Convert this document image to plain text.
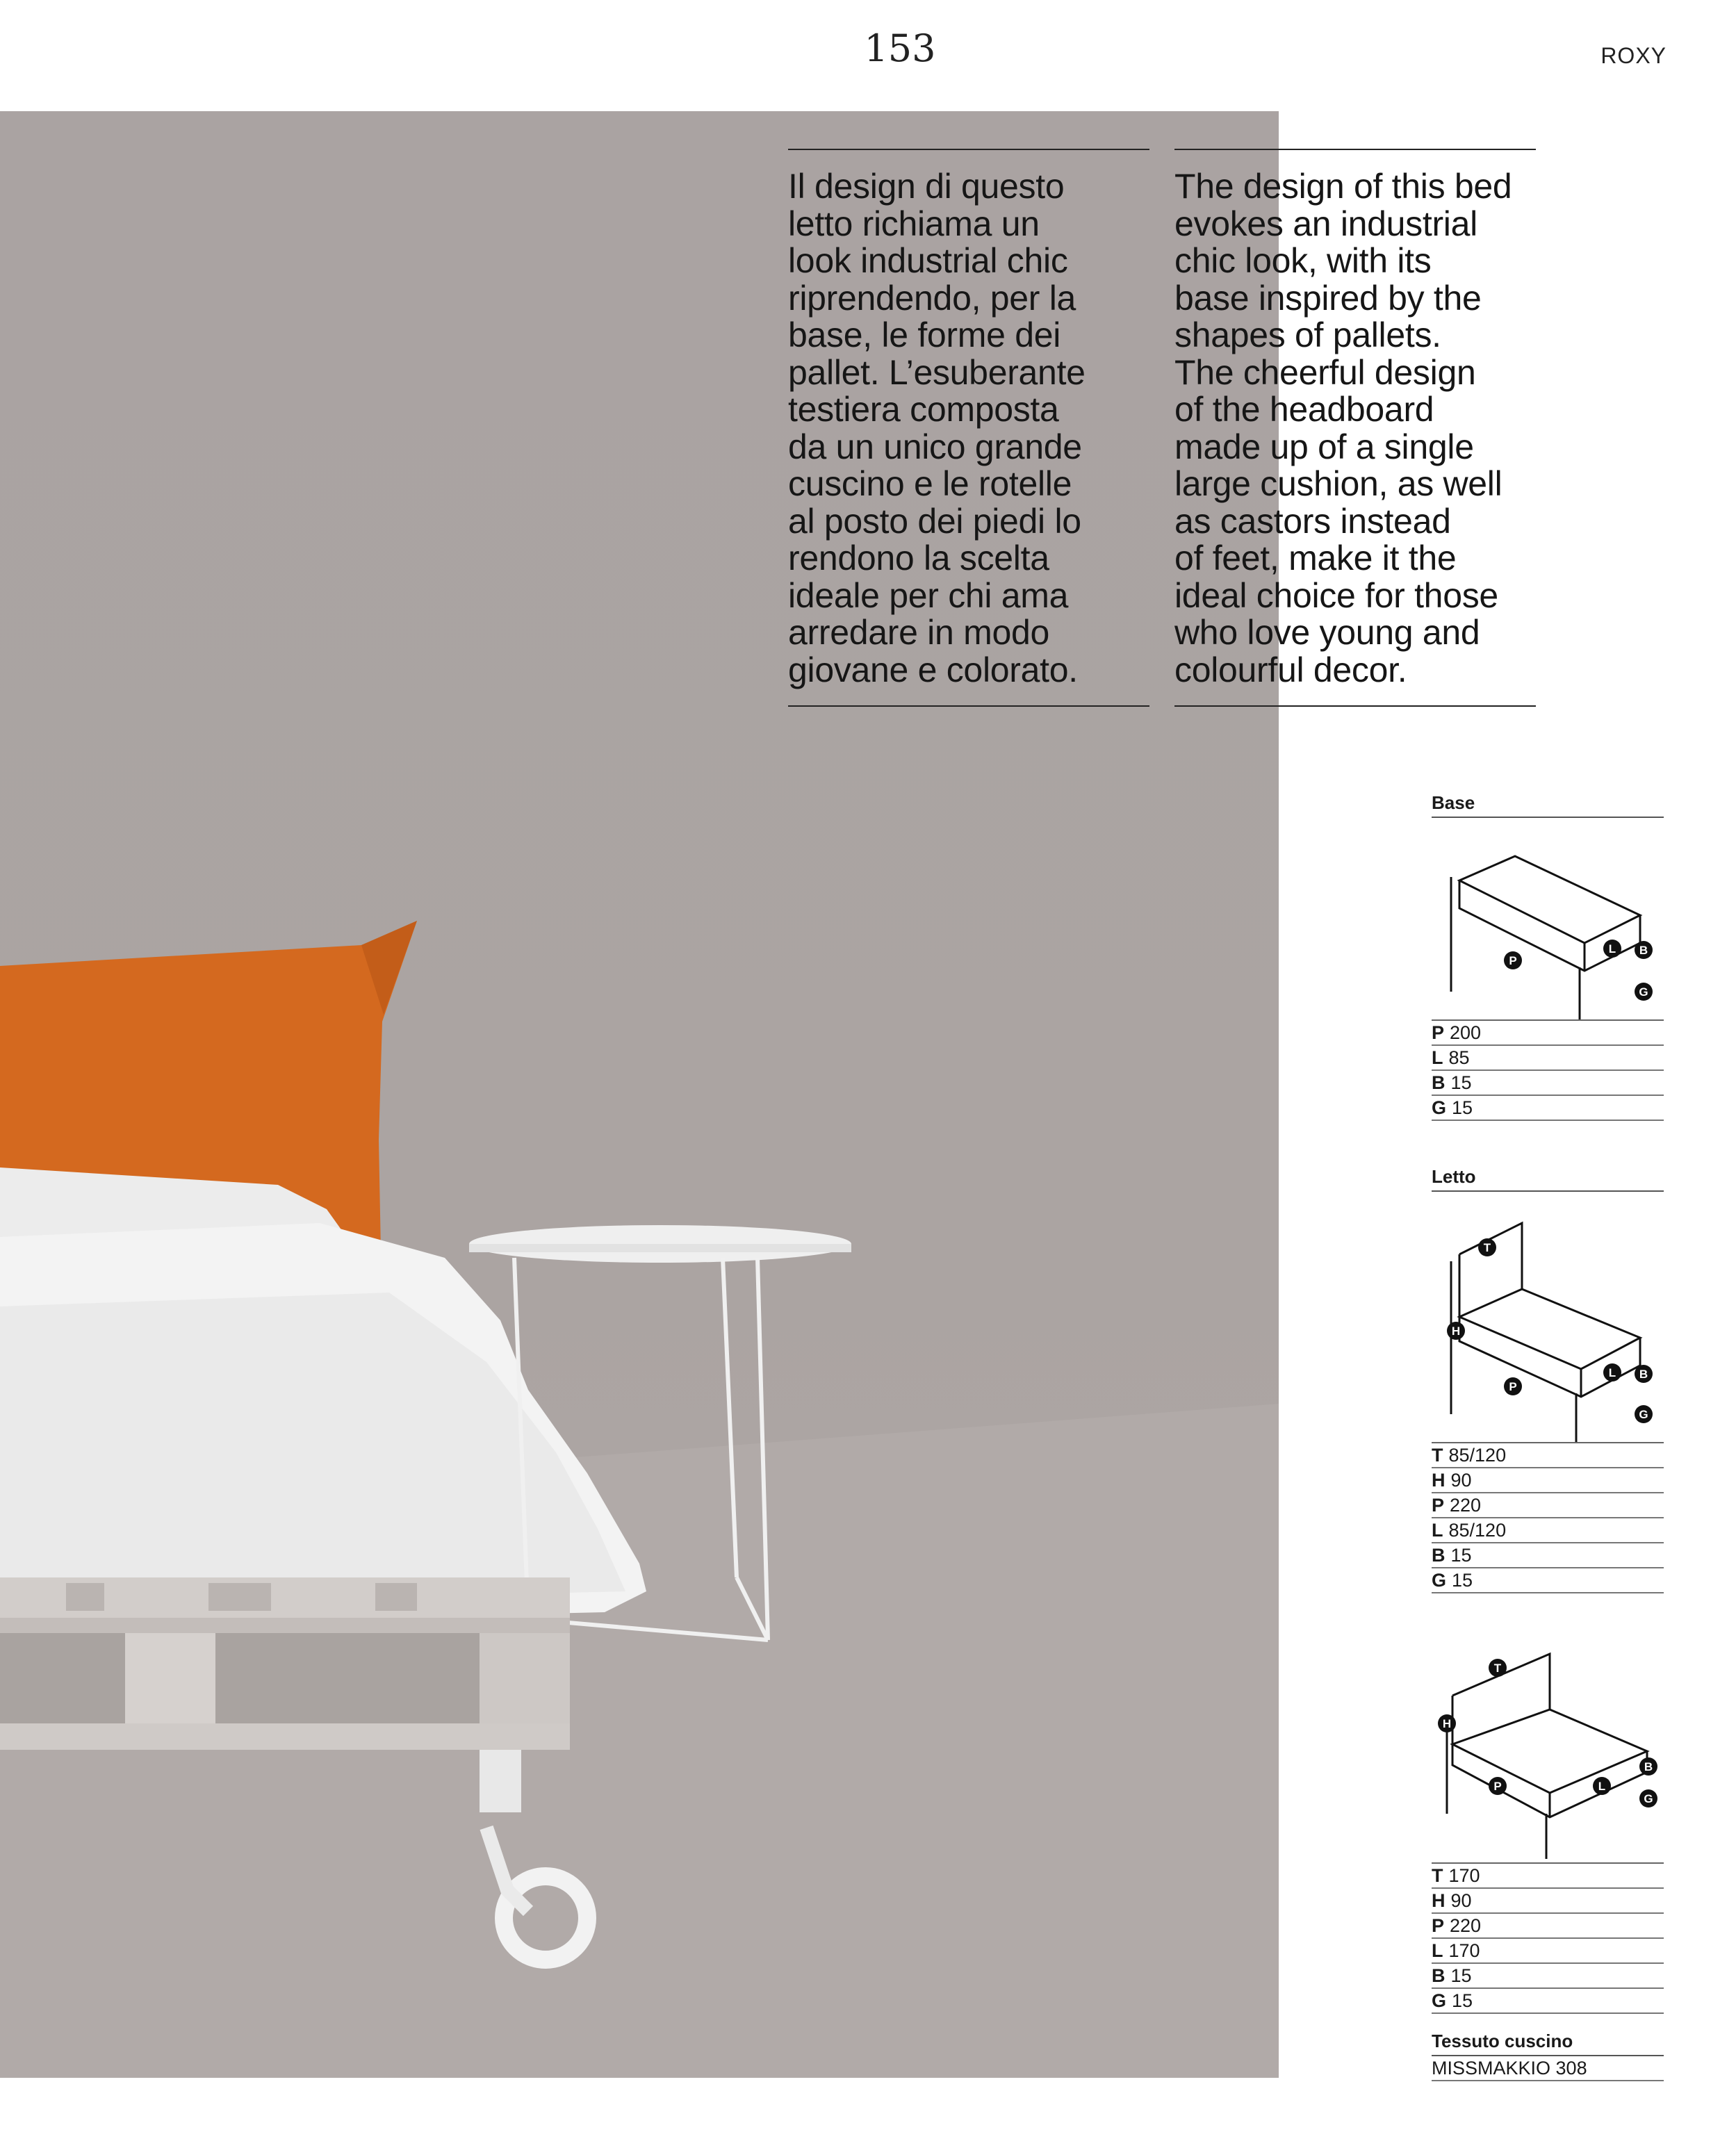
153	ROXY

Il design di questo
letto richiama un
look industrial chic
riprendendo, per la
base, le forme dei
pallet. L’esuberante
testiera composta
da un unico grande
cuscino e le rotelle
al posto dei piedi lo
rendono la scelta
ideale per chi ama
arredare in modo
giovane e colorato.

The design of this bed
evokes an industrial
chic look, with its
base inspired by the
shapes of pallets.
The cheerful design
of the headboard
made up of a single
large cushion, as well
as castors instead
of feet, make it the
ideal choice for those
who love young and
colourful decor.

Base
P
L B
G
P 200
L 85
B 15
G 15
Letto
T
H
P
L B
G
T 85/120
H 90
P 220
L 85/120
B 15
G 15
T
H
P	L
B
G
T 170
H 90
P 220
L 170
B 15
G 15
Tessuto cuscino
MISSMAKKIO 308
